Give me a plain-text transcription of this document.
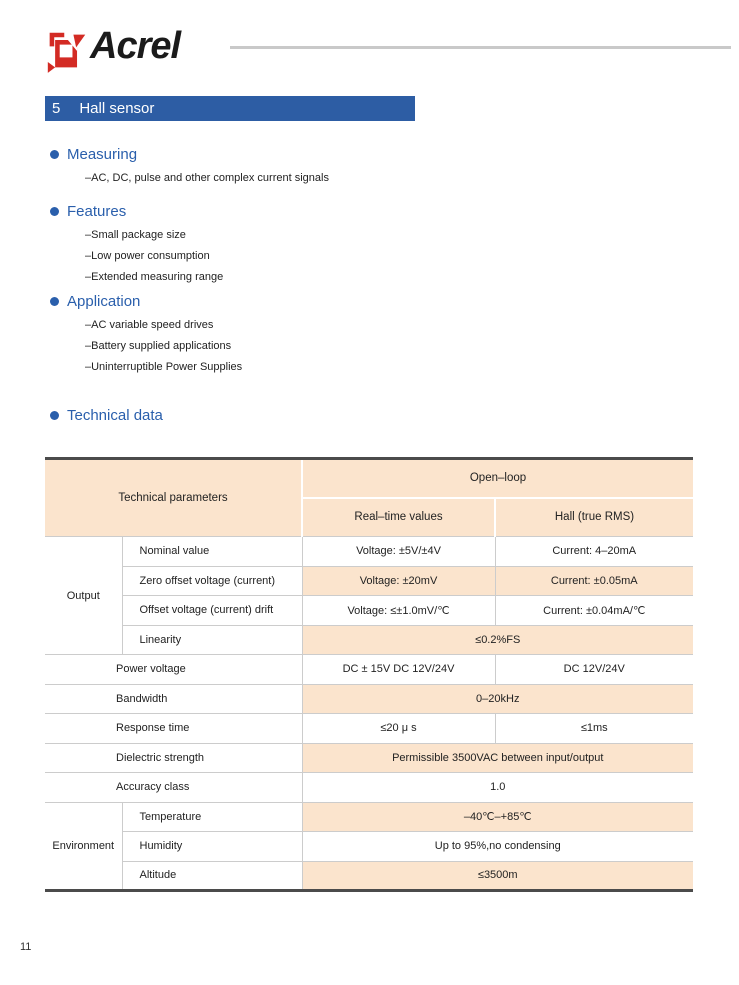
Acrel
5 Hall sensor
Measuring
–AC, DC, pulse and other complex current signals
Features
–Small package size
–Low power consumption
–Extended measuring range
Application
–AC variable speed drives
–Battery supplied applications
–Uninterruptible Power Supplies
Technical data
Technical parameters		Open–loop	
		Real–time values	Hall (true RMS)
Output	Nominal value	Voltage: ±5V/±4V	Current: 4–20mA
	Zero offset voltage (current)	Voltage: ±20mV	Current: ±0.05mA
	Offset voltage (current) drift	Voltage: ≤±1.0mV/℃	Current: ±0.04mA/℃
	Linearity	≤0.2%FS	
Power voltage		DC ± 15V DC 12V/24V	DC 12V/24V
Bandwidth		0–20kHz	
Response time		≤20 μ s	≤1ms
Dielectric strength		Permissible 3500VAC between input/output	
Accuracy class		1.0	
Environment	Temperature	–40℃–+85℃	
	Humidity	Up to 95%,no condensing	
	Altitude	≤3500m	
11
